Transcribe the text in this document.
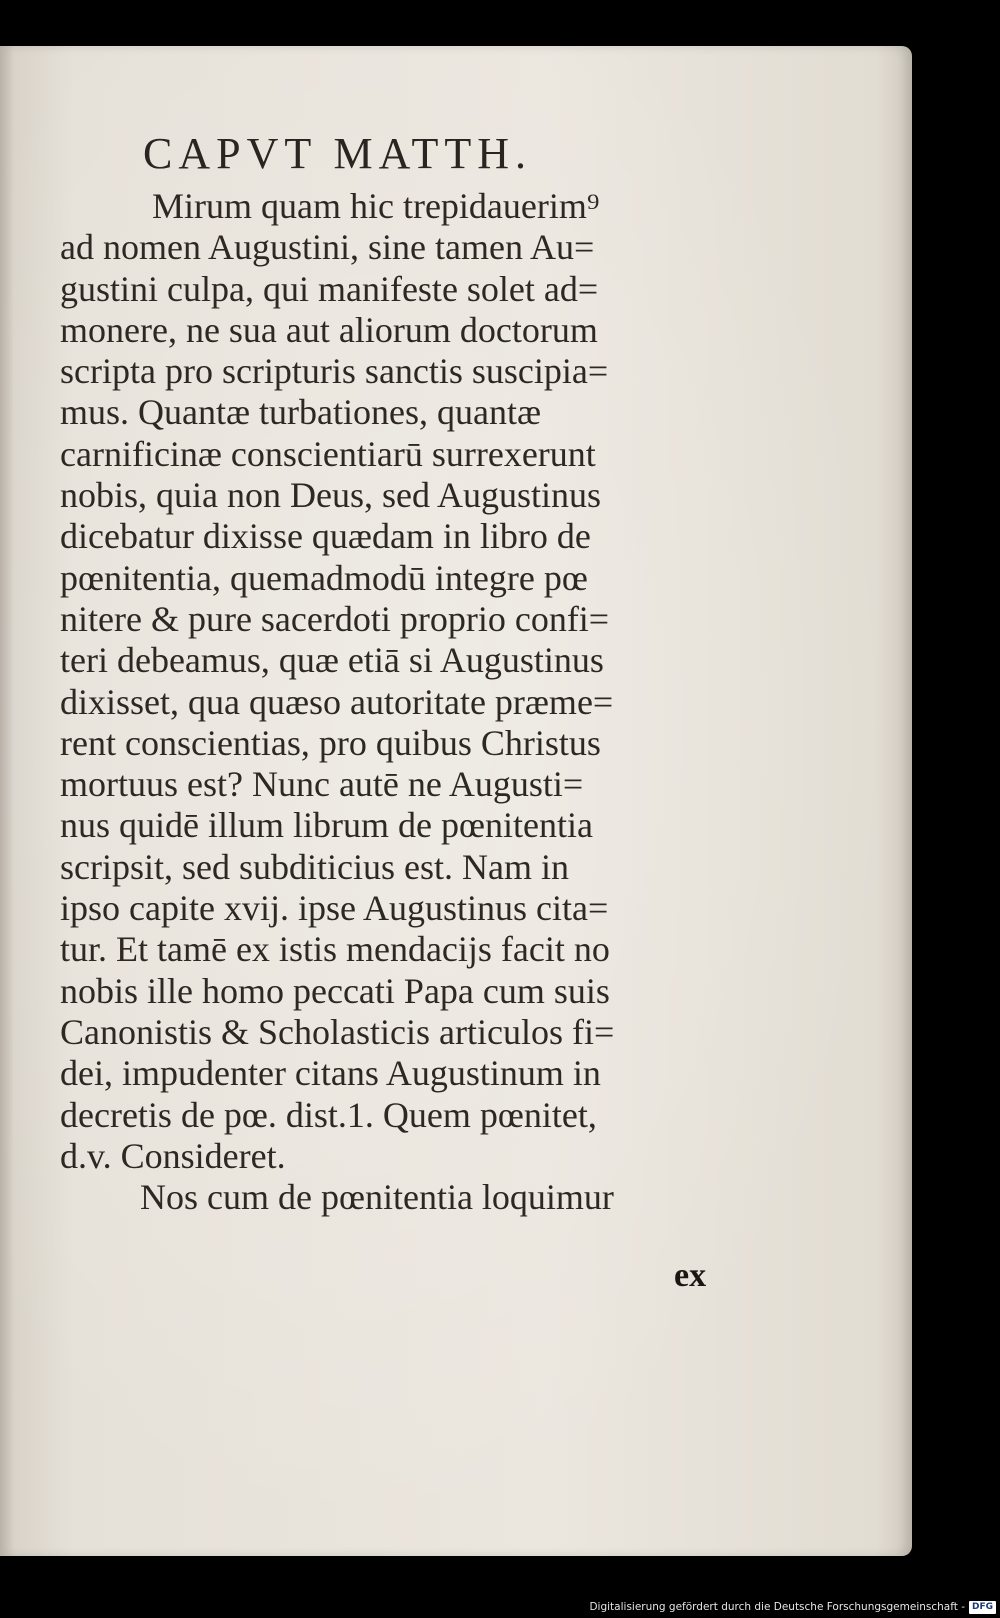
CAPVT MATTH.
Mirum quam hic trepidauerim⁹
ad nomen Augustini, sine tamen Au=
gustini culpa, qui manifeste solet ad=
monere, ne sua aut aliorum doctorum
scripta pro scripturis sanctis suscipia=
mus. Quantæ turbationes, quantæ
carnificinæ conscientiarū surrexerunt
nobis, quia non Deus, sed Augustinus
dicebatur dixisse quædam in libro de
pœnitentia, quemadmodū integre pœ
nitere & pure sacerdoti proprio confi=
teri debeamus, quæ etiā si Augustinus
dixisset, qua quæso autoritate præme=
rent conscientias, pro quibus Christus
mortuus est? Nunc autē ne Augusti=
nus quidē illum librum de pœnitentia
scripsit, sed subditicius est. Nam in
ipso capite xvij. ipse Augustinus cita=
tur. Et tamē ex istis mendacijs facit no
nobis ille homo peccati Papa cum suis
Canonistis & Scholasticis articulos fi=
dei, impudenter citans Augustinum in
decretis de pœ. dist.1. Quem pœnitet,
d.v. Consideret.
Nos cum de pœnitentia loquimur
ex
Digitalisierung gefördert durch die Deutsche Forschungsgemeinschaft - DFG
